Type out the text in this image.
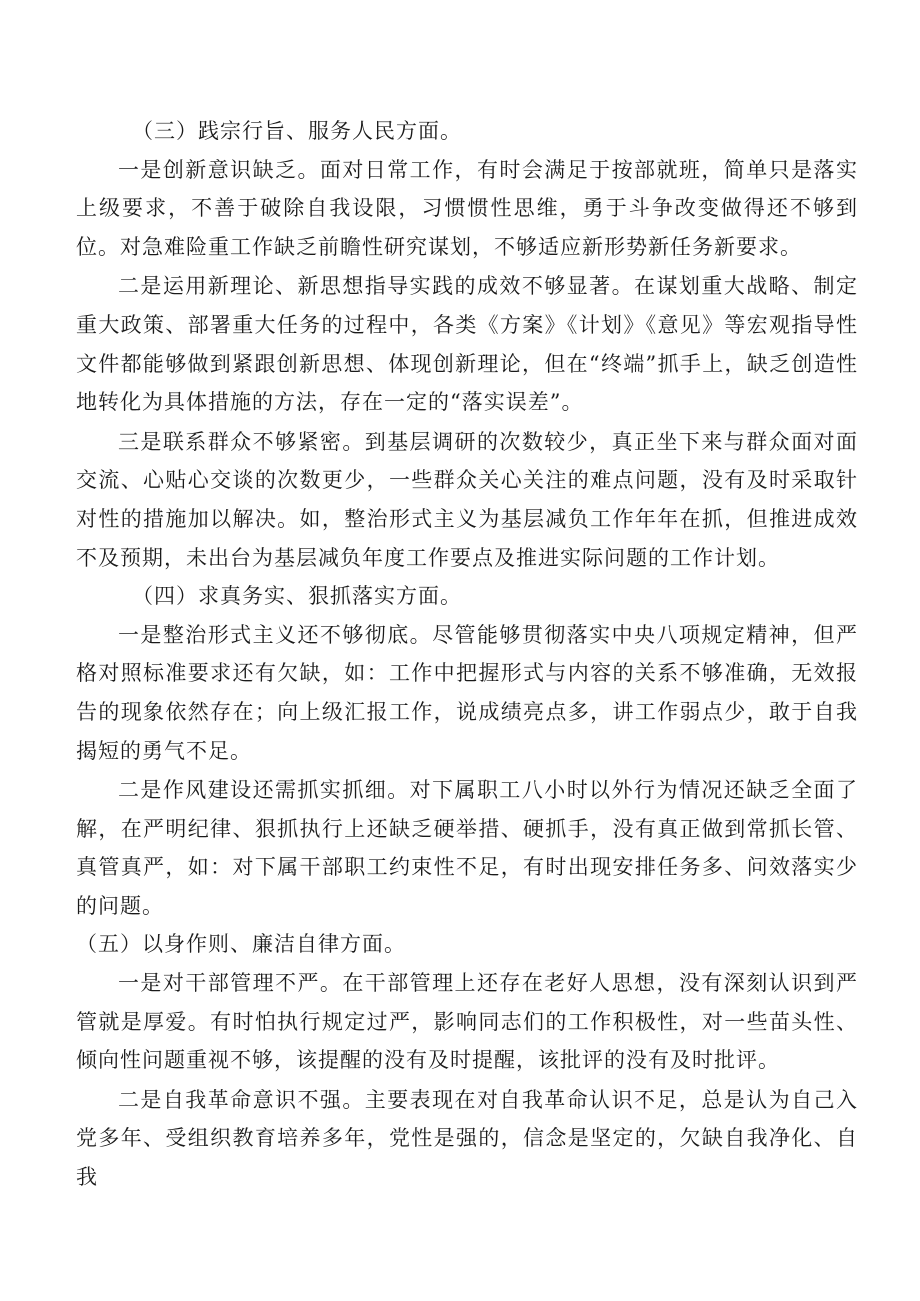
（三）践宗行旨、服务人民方面。

一是创新意识缺乏。面对日常工作，有时会满足于按部就班，简单只是落实上级要求，不善于破除自我设限，习惯惯性思维，勇于斗争改变做得还不够到位。对急难险重工作缺乏前瞻性研究谋划，不够适应新形势新任务新要求。

二是运用新理论、新思想指导实践的成效不够显著。在谋划重大战略、制定重大政策、部署重大任务的过程中，各类《方案》《计划》《意见》等宏观指导性文件都能够做到紧跟创新思想、体现创新理论，但在“终端”抓手上，缺乏创造性地转化为具体措施的方法，存在一定的“落实误差”。

三是联系群众不够紧密。到基层调研的次数较少，真正坐下来与群众面对面交流、心贴心交谈的次数更少，一些群众关心关注的难点问题，没有及时采取针对性的措施加以解决。如，整治形式主义为基层减负工作年年在抓，但推进成效不及预期，未出台为基层减负年度工作要点及推进实际问题的工作计划。

（四）求真务实、狠抓落实方面。

一是整治形式主义还不够彻底。尽管能够贯彻落实中央八项规定精神，但严格对照标准要求还有欠缺，如：工作中把握形式与内容的关系不够准确，无效报告的现象依然存在；向上级汇报工作，说成绩亮点多，讲工作弱点少，敢于自我揭短的勇气不足。

二是作风建设还需抓实抓细。对下属职工八小时以外行为情况还缺乏全面了解，在严明纪律、狠抓执行上还缺乏硬举措、硬抓手，没有真正做到常抓长管、真管真严，如：对下属干部职工约束性不足，有时出现安排任务多、问效落实少的问题。

（五）以身作则、廉洁自律方面。

一是对干部管理不严。在干部管理上还存在老好人思想，没有深刻认识到严管就是厚爱。有时怕执行规定过严，影响同志们的工作积极性，对一些苗头性、倾向性问题重视不够，该提醒的没有及时提醒，该批评的没有及时批评。

二是自我革命意识不强。主要表现在对自我革命认识不足，总是认为自己入党多年、受组织教育培养多年，党性是强的，信念是坚定的，欠缺自我净化、自我
